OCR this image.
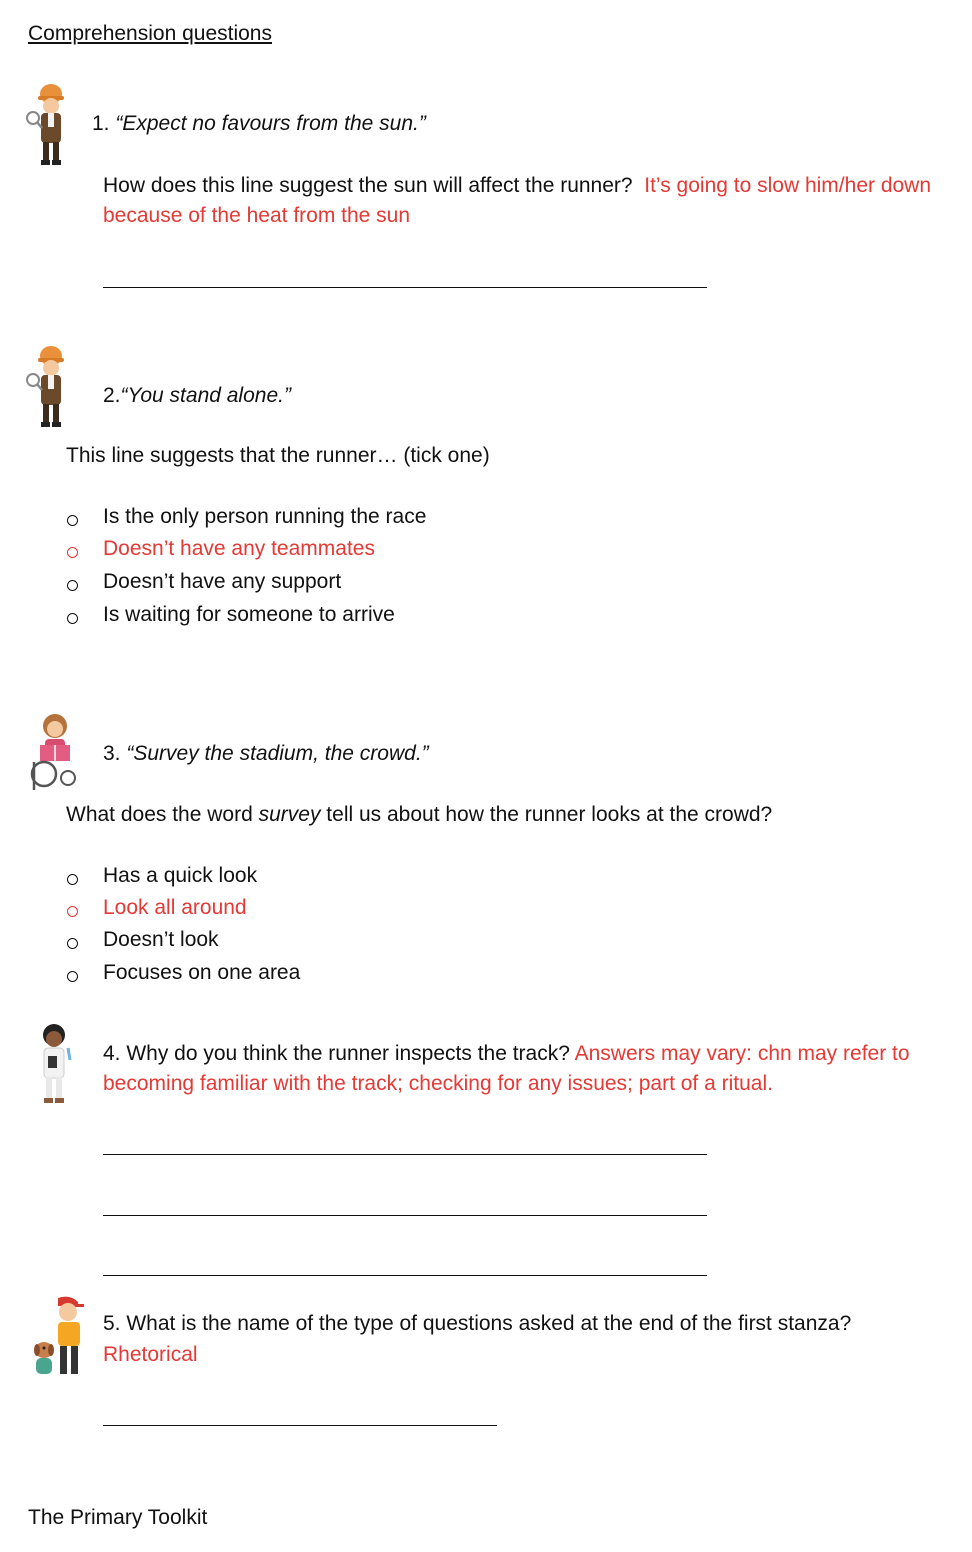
Comprehension questions
1. “Expect no favours from the sun.”
How does this line suggest the sun will affect the runner? It’s going to slow him/her down because of the heat from the sun
2.“You stand alone.”
This line suggests that the runner… (tick one)
Is the only person running the race
Doesn’t have any teammates
Doesn’t have any support
Is waiting for someone to arrive
3. “Survey the stadium, the crowd.”
What does the word survey tell us about how the runner looks at the crowd?
Has a quick look
Look all around
Doesn’t look
Focuses on one area
4. Why do you think the runner inspects the track? Answers may vary: chn may refer to becoming familiar with the track; checking for any issues; part of a ritual.
5. What is the name of the type of questions asked at the end of the first stanza?
Rhetorical
The Primary Toolkit
